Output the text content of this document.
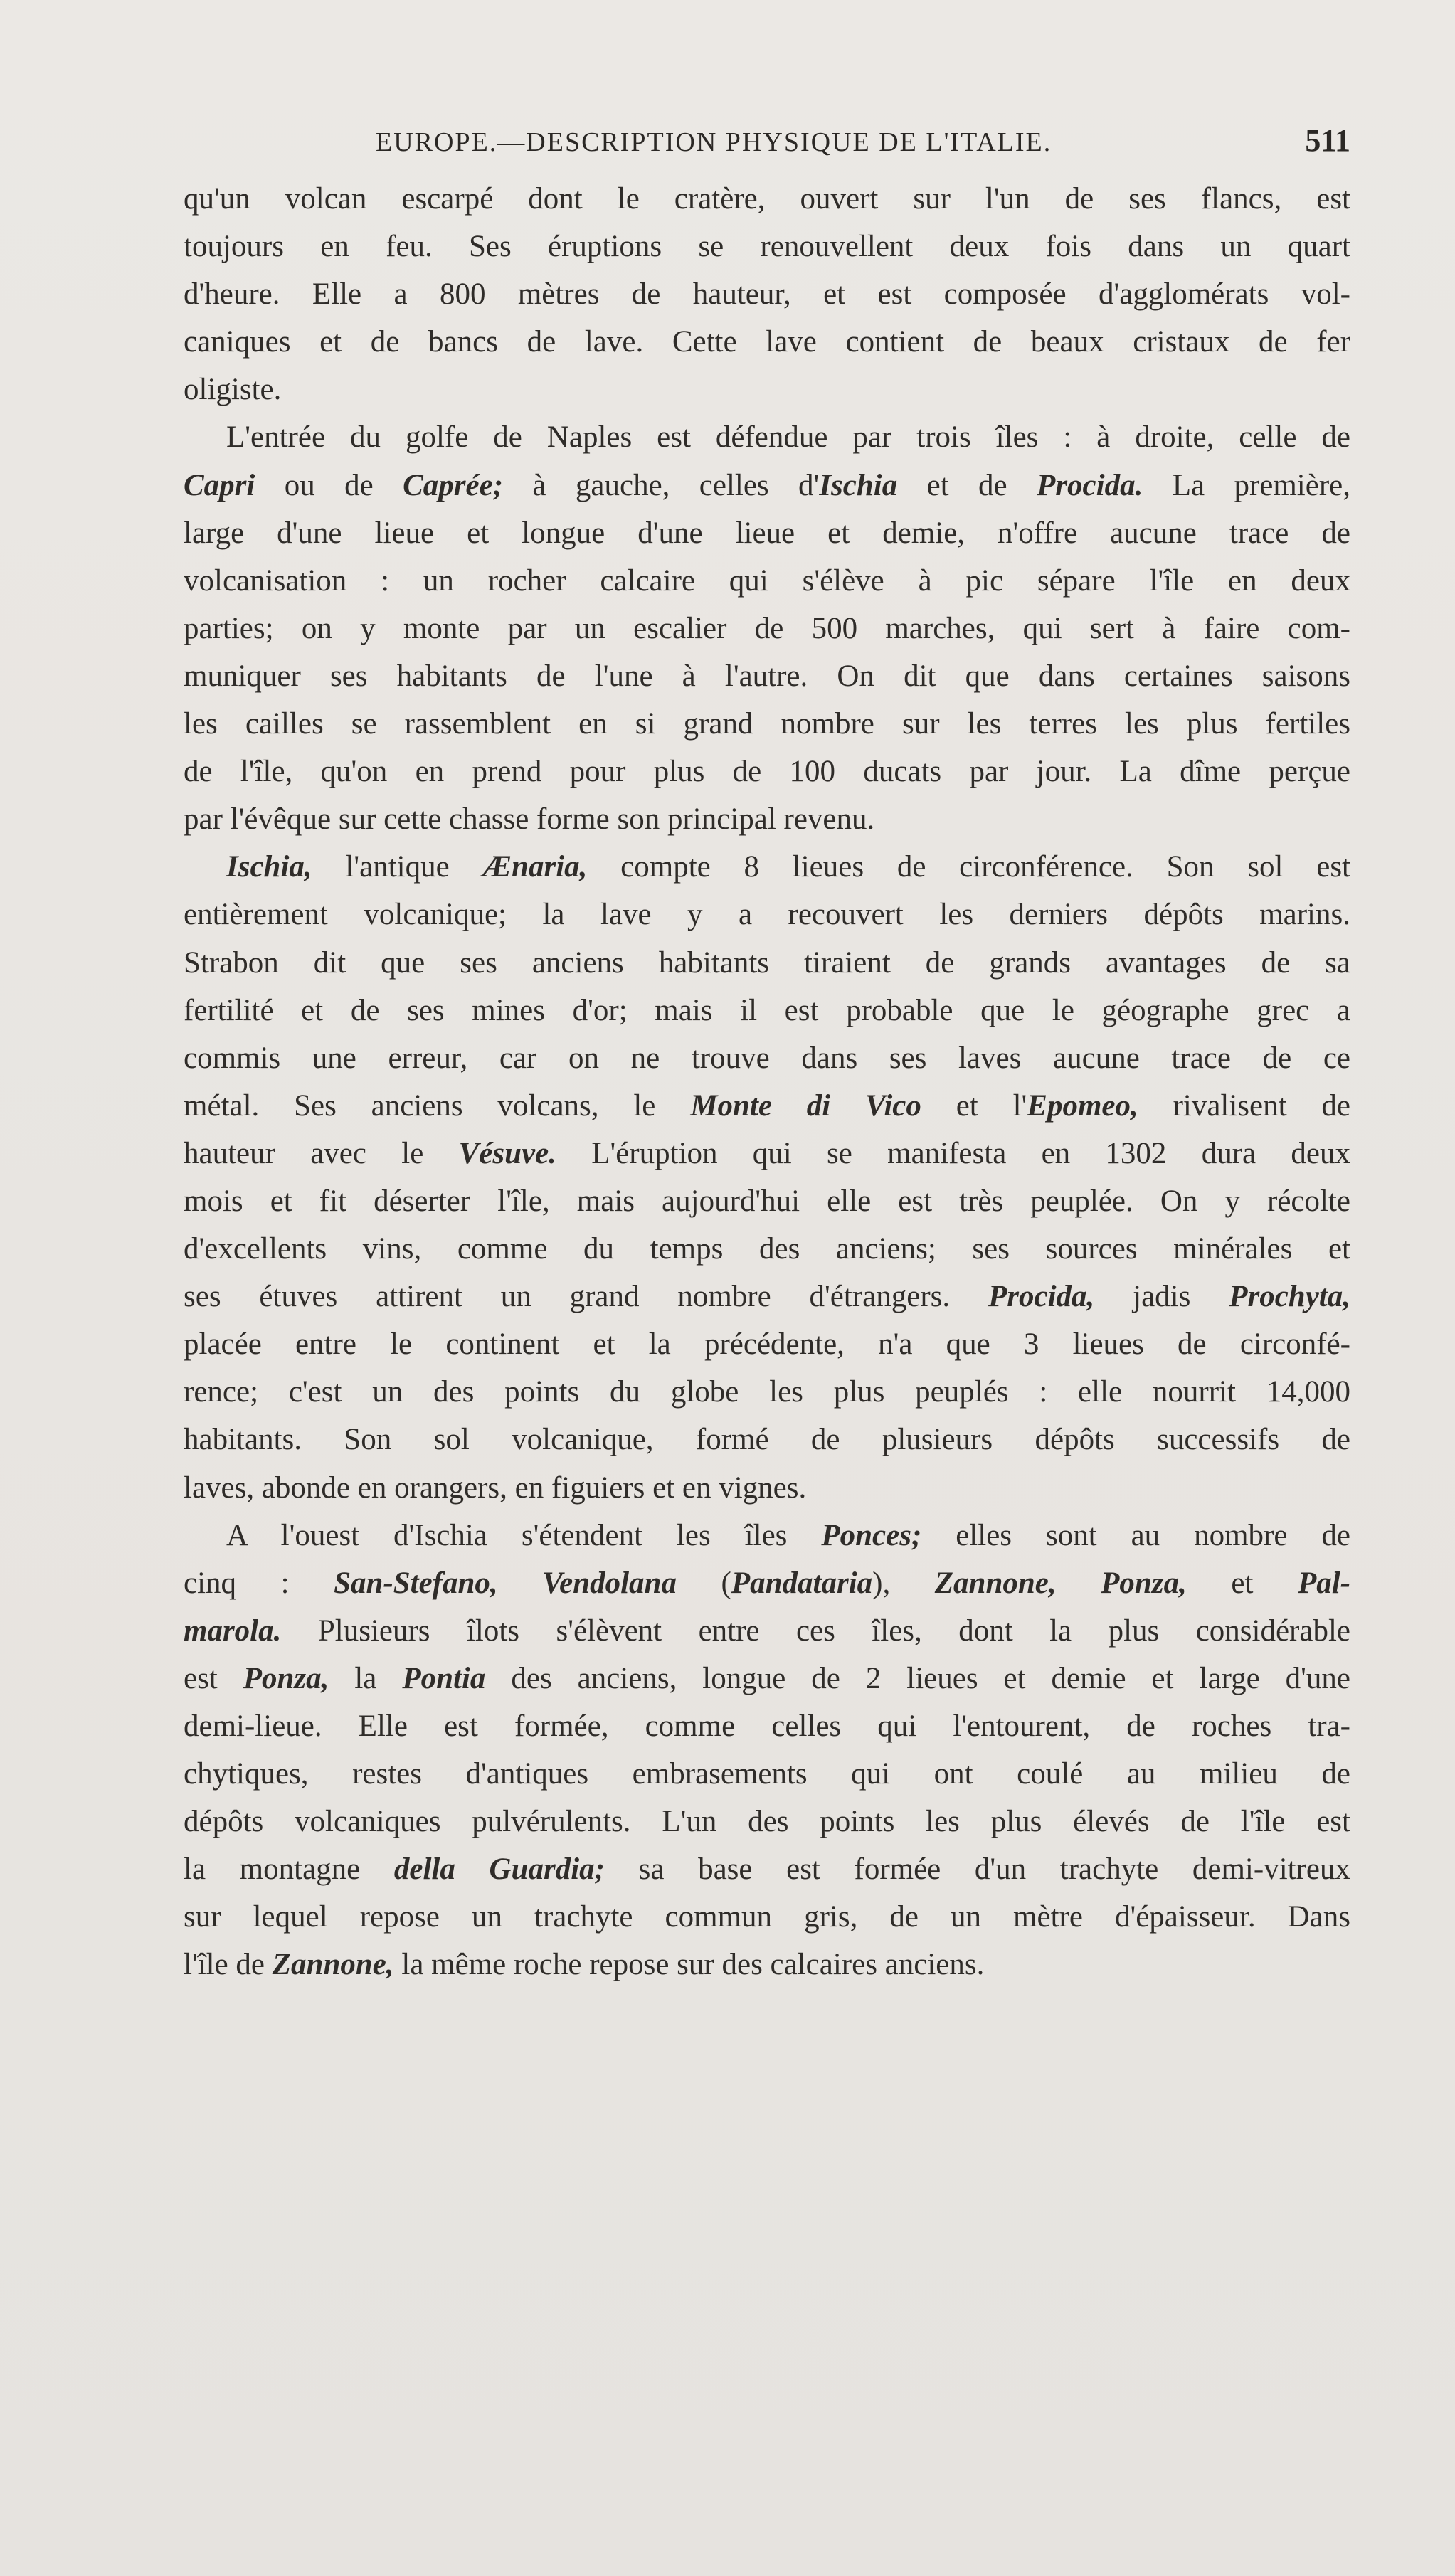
EUROPE.—DESCRIPTION PHYSIQUE DE L'ITALIE.	511
qu'un volcan escarpé dont le cratère, ouvert sur l'un de ses flancs, est
toujours en feu. Ses éruptions se renouvellent deux fois dans un quart
d'heure. Elle a 800 mètres de hauteur, et est composée d'agglomérats vol-
caniques et de bancs de lave. Cette lave contient de beaux cristaux de fer
oligiste.
L'entrée du golfe de Naples est défendue par trois îles : à droite, celle de
Capri ou de Caprée; à gauche, celles d'Ischia et de Procida. La première,
large d'une lieue et longue d'une lieue et demie, n'offre aucune trace de
volcanisation : un rocher calcaire qui s'élève à pic sépare l'île en deux
parties; on y monte par un escalier de 500 marches, qui sert à faire com-
muniquer ses habitants de l'une à l'autre. On dit que dans certaines saisons
les cailles se rassemblent en si grand nombre sur les terres les plus fertiles
de l'île, qu'on en prend pour plus de 100 ducats par jour. La dîme perçue
par l'évêque sur cette chasse forme son principal revenu.
Ischia, l'antique Ænaria, compte 8 lieues de circonférence. Son sol est
entièrement volcanique; la lave y a recouvert les derniers dépôts marins.
Strabon dit que ses anciens habitants tiraient de grands avantages de sa
fertilité et de ses mines d'or; mais il est probable que le géographe grec a
commis une erreur, car on ne trouve dans ses laves aucune trace de ce
métal. Ses anciens volcans, le Monte di Vico et l'Epomeo, rivalisent de
hauteur avec le Vésuve. L'éruption qui se manifesta en 1302 dura deux
mois et fit déserter l'île, mais aujourd'hui elle est très peuplée. On y récolte
d'excellents vins, comme du temps des anciens; ses sources minérales et
ses étuves attirent un grand nombre d'étrangers. Procida, jadis Prochyta,
placée entre le continent et la précédente, n'a que 3 lieues de circonfé-
rence; c'est un des points du globe les plus peuplés : elle nourrit 14,000
habitants. Son sol volcanique, formé de plusieurs dépôts successifs de
laves, abonde en orangers, en figuiers et en vignes.
A l'ouest d'Ischia s'étendent les îles Ponces; elles sont au nombre de
cinq : San-Stefano, Vendolana (Pandataria), Zannone, Ponza, et Pal-
marola. Plusieurs îlots s'élèvent entre ces îles, dont la plus considérable
est Ponza, la Pontia des anciens, longue de 2 lieues et demie et large d'une
demi-lieue. Elle est formée, comme celles qui l'entourent, de roches tra-
chytiques, restes d'antiques embrasements qui ont coulé au milieu de
dépôts volcaniques pulvérulents. L'un des points les plus élevés de l'île est
la montagne della Guardia; sa base est formée d'un trachyte demi-vitreux
sur lequel repose un trachyte commun gris, de un mètre d'épaisseur. Dans
l'île de Zannone, la même roche repose sur des calcaires anciens.
